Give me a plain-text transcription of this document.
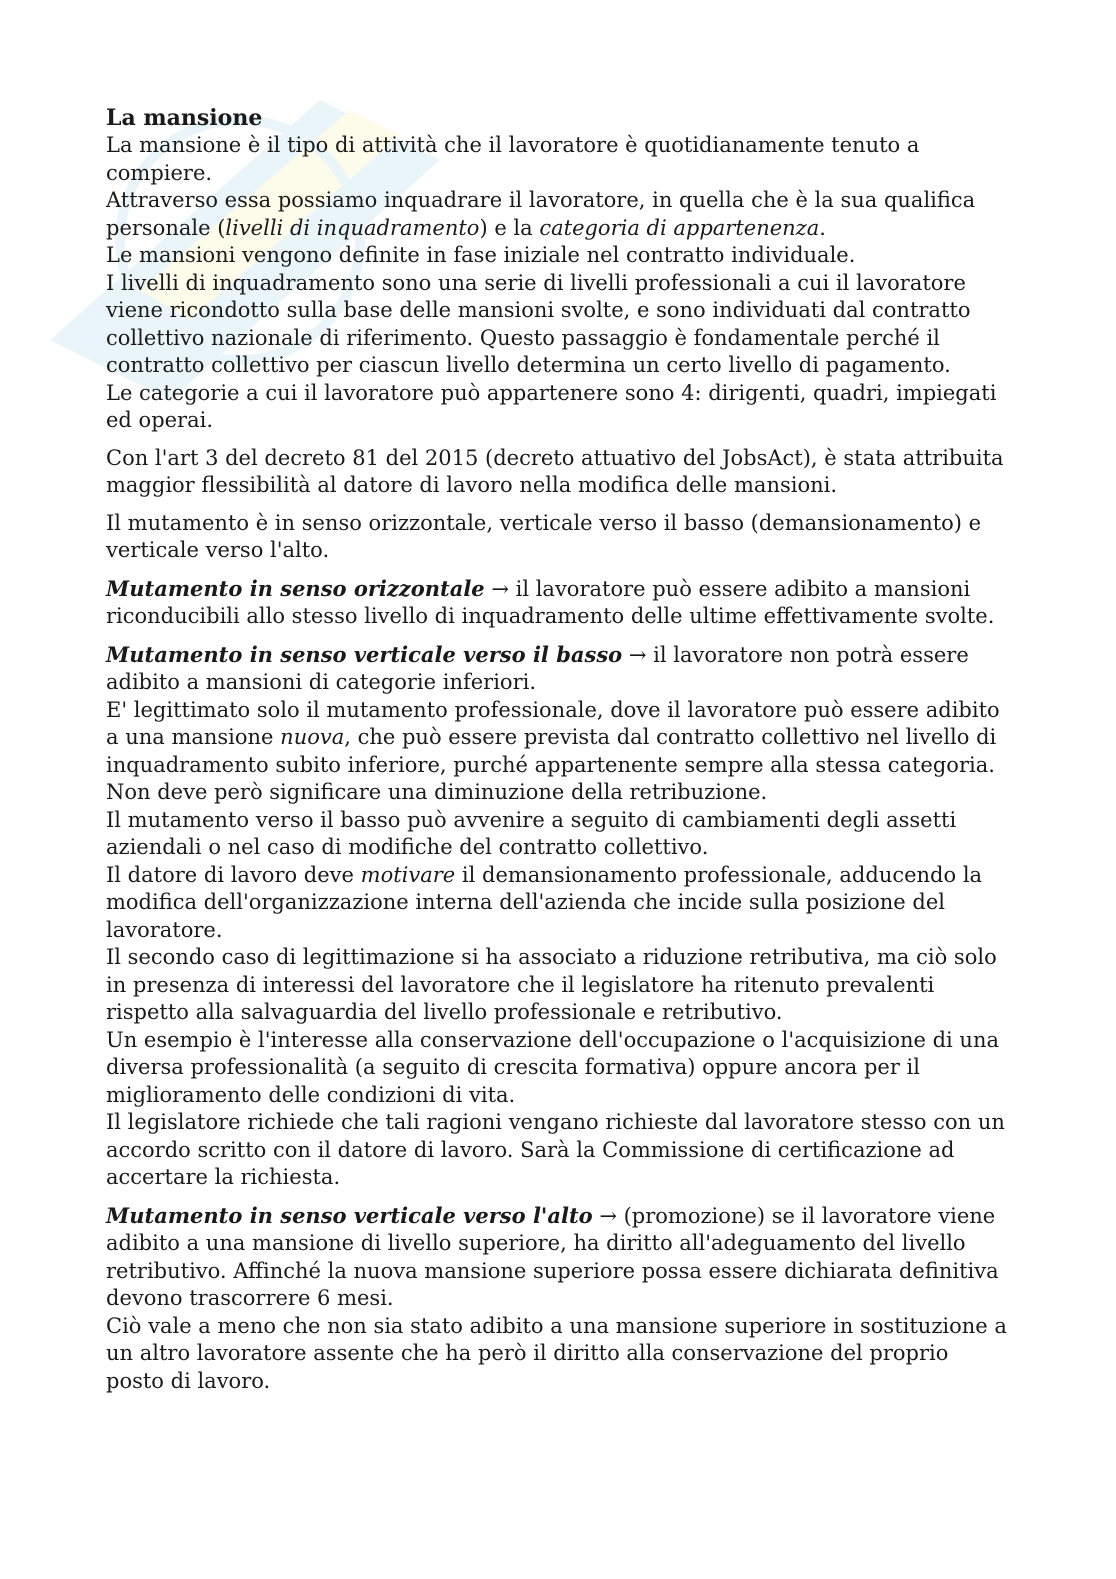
La mansione

La mansione è il tipo di attività che il lavoratore è quotidianamente tenuto a compiere.

Attraverso essa possiamo inquadrare il lavoratore, in quella che è la sua qualifica personale (livelli di inquadramento) e la categoria di appartenenza.

Le mansioni vengono definite in fase iniziale nel contratto individuale.

I livelli di inquadramento sono una serie di livelli professionali a cui il lavoratore viene ricondotto sulla base delle mansioni svolte, e sono individuati dal contratto collettivo nazionale di riferimento. Questo passaggio è fondamentale perché il contratto collettivo per ciascun livello determina un certo livello di pagamento.

Le categorie a cui il lavoratore può appartenere sono 4: dirigenti, quadri, impiegati ed operai.

Con l'art 3 del decreto 81 del 2015 (decreto attuativo del JobsAct), è stata attribuita maggior flessibilità al datore di lavoro nella modifica delle mansioni.

Il mutamento è in senso orizzontale, verticale verso il basso (demansionamento) e verticale verso l'alto.

Mutamento in senso orizzontale → il lavoratore può essere adibito a mansioni riconducibili allo stesso livello di inquadramento delle ultime effettivamente svolte.

Mutamento in senso verticale verso il basso → il lavoratore non potrà essere adibito a mansioni di categorie inferiori.

E' legittimato solo il mutamento professionale, dove il lavoratore può essere adibito a una mansione nuova, che può essere prevista dal contratto collettivo nel livello di inquadramento subito inferiore, purché appartenente sempre alla stessa categoria.

Non deve però significare una diminuzione della retribuzione.

Il mutamento verso il basso può avvenire a seguito di cambiamenti degli assetti aziendali o nel caso di modifiche del contratto collettivo.

Il datore di lavoro deve motivare il demansionamento professionale, adducendo la modifica dell'organizzazione interna dell'azienda che incide sulla posizione del lavoratore.

Il secondo caso di legittimazione si ha associato a riduzione retributiva, ma ciò solo in presenza di interessi del lavoratore che il legislatore ha ritenuto prevalenti rispetto alla salvaguardia del livello professionale e retributivo.

Un esempio è l'interesse alla conservazione dell'occupazione o l'acquisizione di una diversa professionalità (a seguito di crescita formativa) oppure ancora per il miglioramento delle condizioni di vita.

Il legislatore richiede che tali ragioni vengano richieste dal lavoratore stesso con un accordo scritto con il datore di lavoro. Sarà la Commissione di certificazione ad accertare la richiesta.

Mutamento in senso verticale verso l'alto → (promozione) se il lavoratore viene adibito a una mansione di livello superiore, ha diritto all'adeguamento del livello retributivo. Affinché la nuova mansione superiore possa essere dichiarata definitiva devono trascorrere 6 mesi.

Ciò vale a meno che non sia stato adibito a una mansione superiore in sostituzione a un altro lavoratore assente che ha però il diritto alla conservazione del proprio posto di lavoro.
